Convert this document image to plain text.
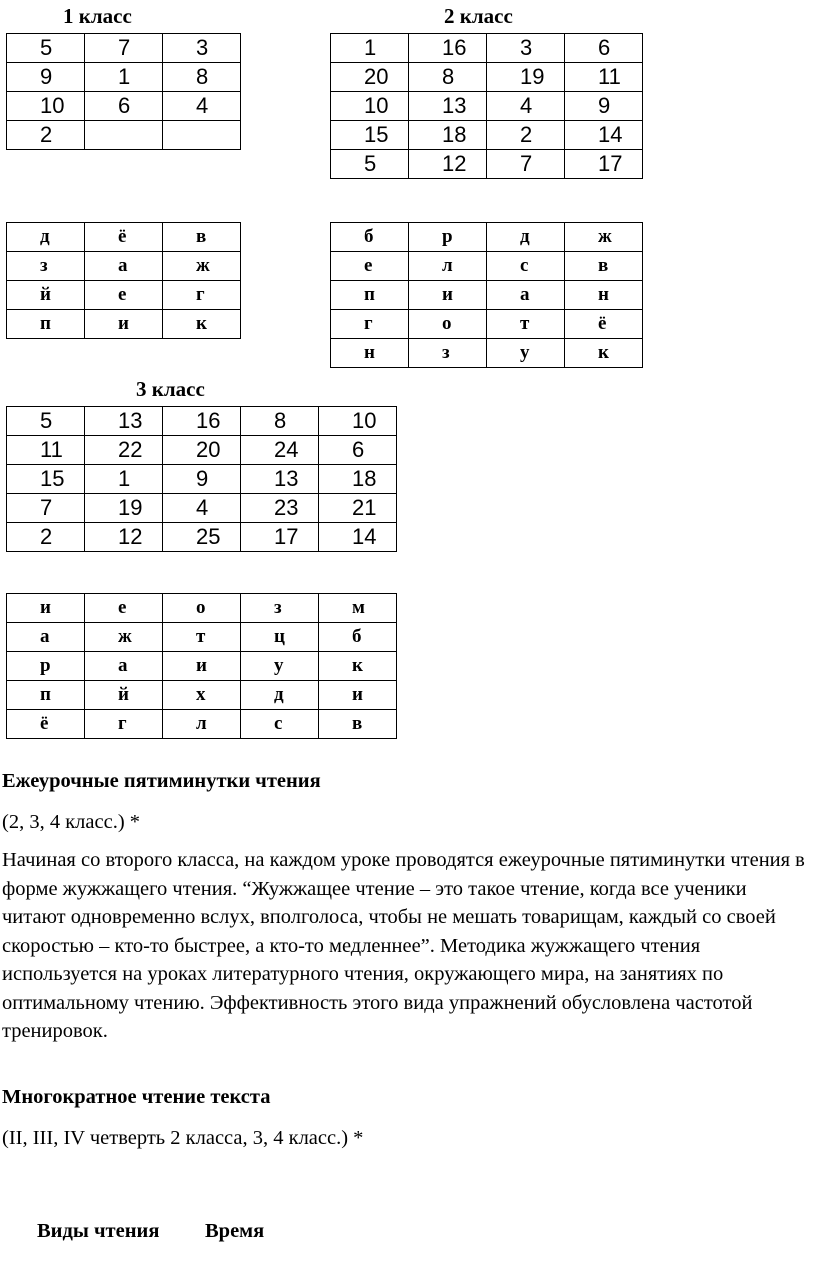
1 класс	2 класс
3 класс
5	7	3
9	1	8
10	6	4
2		
1	16	3	6
20	8	19	11
10	13	4	9
15	18	2	14
5	12	7	17
д	ё	в
з	а	ж
й	е	г
п	и	к
б	р	д	ж
е	л	с	в
п	и	а	н
г	о	т	ё
н	з	у	к
5	13	16	8	10
11	22	20	24	6
15	1	9	13	18
7	19	4	23	21
2	12	25	17	14
и	е	о	з	м
а	ж	т	ц	б
р	а	и	у	к
п	й	х	д	и
ё	г	л	с	в
Ежеурочные пятиминутки чтения
(2, 3, 4 класс.) *
Начиная со второго класса, на каждом уроке проводятся ежеурочные пятиминутки чтения в форме жужжащего чтения. “Жужжащее чтение – это такое чтение, когда все ученики читают одновременно вслух, вполголоса, чтобы не мешать товарищам, каждый со своей скоростью – кто-то быстрее, а кто-то медленнее”. Методика жужжащего чтения используется на уроках литературного чтения, окружающего мира, на занятиях по оптимальному чтению. Эффективность этого вида упражнений обусловлена частотой тренировок.
Многократное чтение текста
(II, III, IV четверть 2 класса, 3, 4 класс.) *
Виды чтения Время
